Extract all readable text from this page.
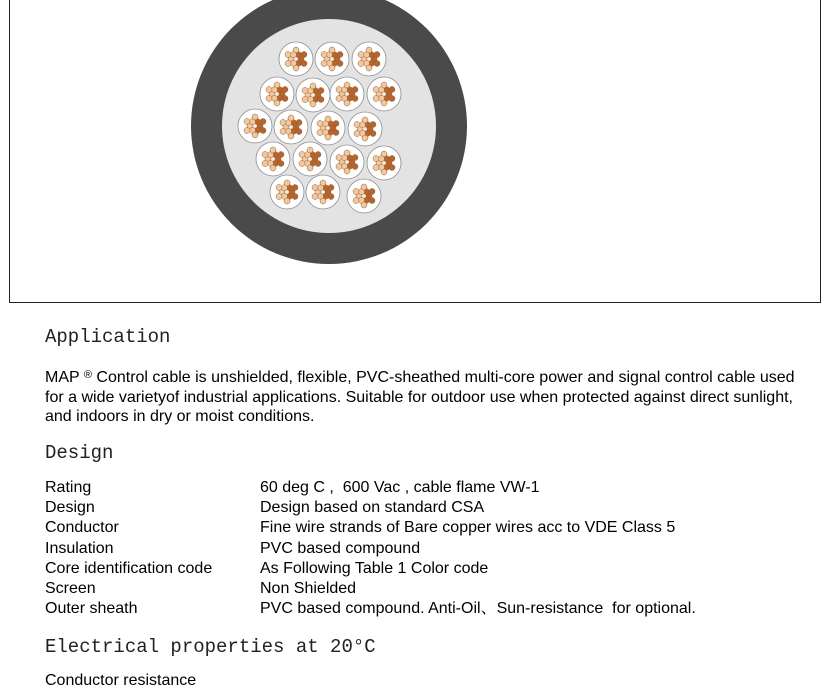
Application

MAP ® Control cable is unshielded, flexible, PVC-sheathed multi-core power and signal control cable used for a wide varietyof industrial applications. Suitable for outdoor use when protected against direct sunlight, and indoors in dry or moist conditions.

Design
Rating	60 deg C ,  600 Vac , cable flame VW-1
Design	Design based on standard CSA
Conductor	Fine wire strands of Bare copper wires acc to VDE Class 5
Insulation	PVC based compound
Core identification code	As Following Table 1 Color code
Screen	Non Shielded
Outer sheath	PVC based compound. Anti-Oil、Sun-resistance  for optional.
Electrical properties at 20°C
Conductor resistance
